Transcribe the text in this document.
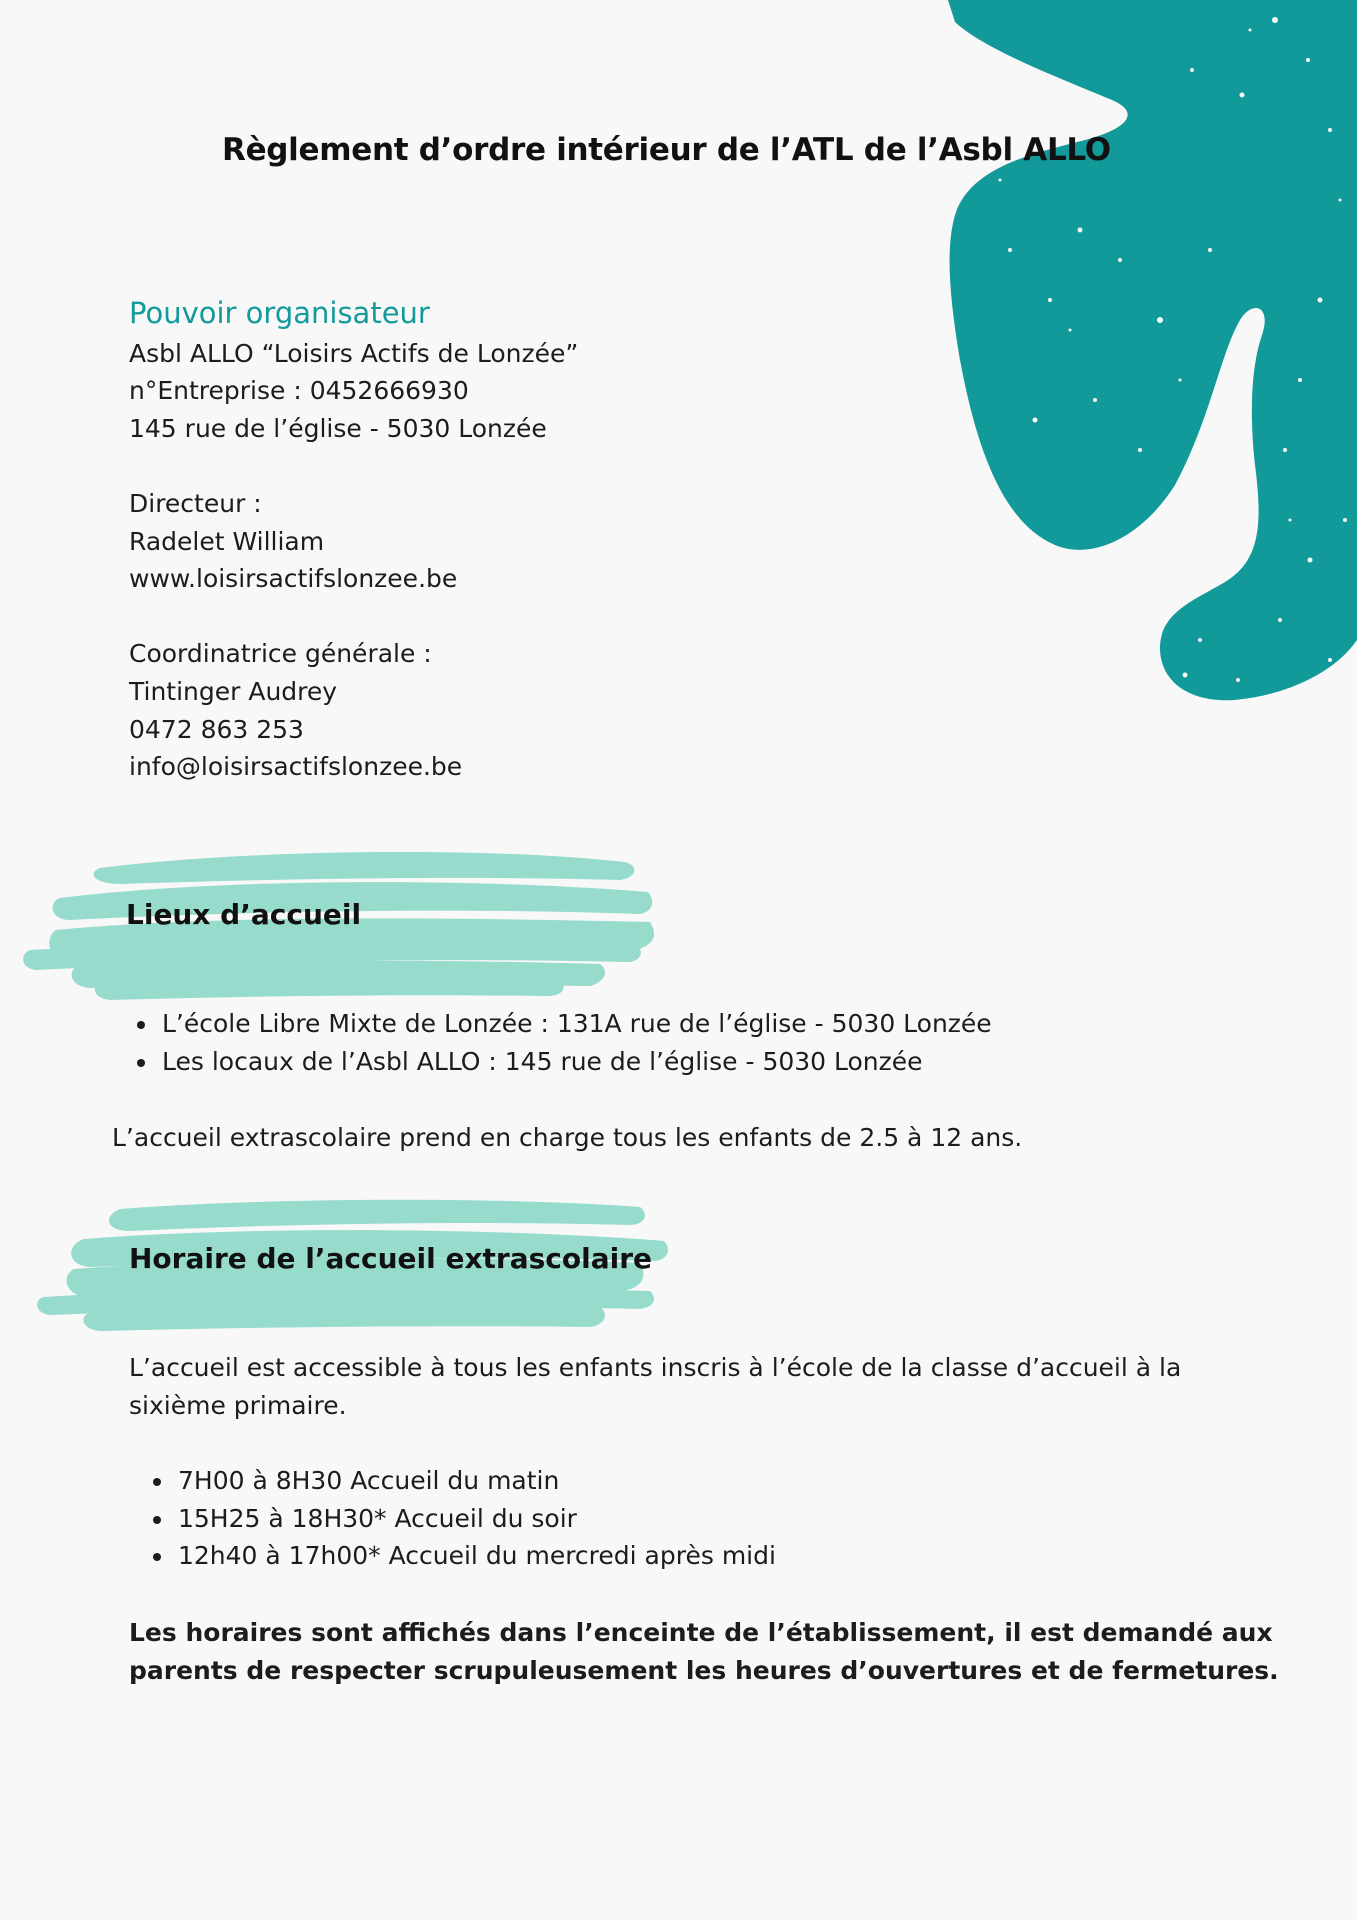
Règlement d’ordre intérieur de l’ATL de l’Asbl ALLO
Pouvoir organisateur
Asbl ALLO “Loisirs Actifs de Lonzée”
n°Entreprise : 0452666930
145 rue de l’église - 5030 Lonzée
Directeur :
Radelet William
www.loisirsactifslonzee.be
Coordinatrice générale :
Tintinger Audrey
0472 863 253
info@loisirsactifslonzee.be
Lieux d’accueil
• L’école Libre Mixte de Lonzée : 131A rue de l’église - 5030 Lonzée
• Les locaux de l’Asbl ALLO : 145 rue de l’église - 5030 Lonzée

L’accueil extrascolaire prend en charge tous les enfants de 2.5 à 12 ans.

Horaire de l’accueil extrascolaire

L’accueil est accessible à tous les enfants inscris à l’école de la classe d’accueil à la sixième primaire.

• 7H00 à 8H30 Accueil du matin
• 15H25 à 18H30* Accueil du soir
• 12h40 à 17h00* Accueil du mercredi après midi

Les horaires sont affichés dans l’enceinte de l’établissement, il est demandé aux parents de respecter scrupuleusement les heures d’ouvertures et de fermetures.
